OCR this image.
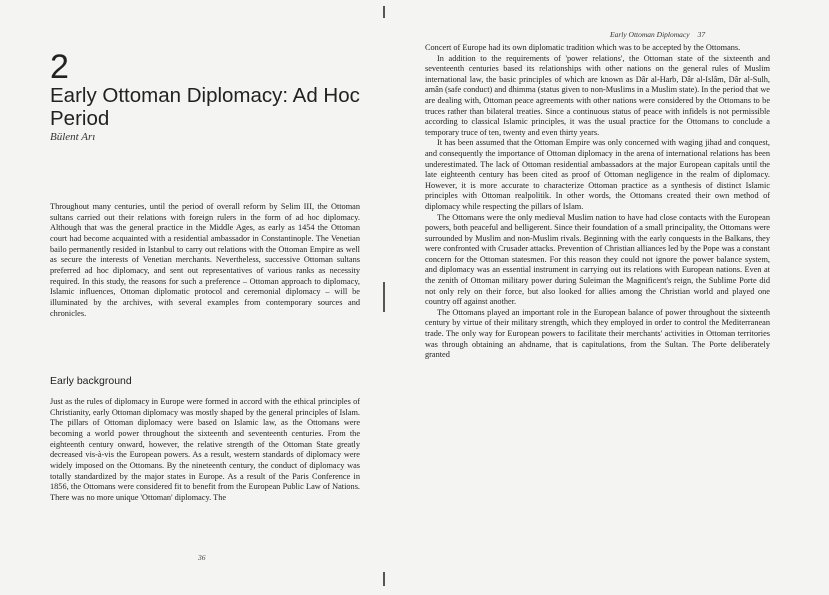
2
Early Ottoman Diplomacy: Ad Hoc Period
Bülent Arı

Throughout many centuries, until the period of overall reform by Selim III, the Ottoman sultans carried out their relations with foreign rulers in the form of ad hoc diplomacy. Although that was the general practice in the Middle Ages, as early as 1454 the Ottoman court had become acquainted with a residential ambassador in Constantinople. The Venetian bailo permanently resided in Istanbul to carry out relations with the Ottoman Empire as well as secure the interests of Venetian merchants. Nevertheless, successive Ottoman sultans preferred ad hoc diplomacy, and sent out representatives of various ranks as necessity required. In this study, the reasons for such a preference – Ottoman approach to diplomacy, Islamic influences, Ottoman diplomatic protocol and ceremonial diplomacy – will be illuminated by the archives, with several examples from contemporary sources and chronicles.

Early background

Just as the rules of diplomacy in Europe were formed in accord with the ethical principles of Christianity, early Ottoman diplomacy was mostly shaped by the general principles of Islam. The pillars of Ottoman diplomacy were based on Islamic law, as the Ottomans were becoming a world power throughout the sixteenth and seventeenth centuries. From the eighteenth century onward, however, the relative strength of the Ottoman State greatly decreased vis-à-vis the European powers. As a result, western standards of diplomacy were widely imposed on the Ottomans. By the nineteenth century, the conduct of diplomacy was totally standardized by the major states in Europe. As a result of the Paris Conference in 1856, the Ottomans were considered fit to benefit from the European Public Law of Nations. There was no more unique 'Ottoman' diplomacy. The

36
Early Ottoman Diplomacy 37

Concert of Europe had its own diplomatic tradition which was to be accepted by the Ottomans.

In addition to the requirements of 'power relations', the Ottoman state of the sixteenth and seventeenth centuries based its relationships with other nations on the general rules of Muslim international law, the basic principles of which are known as Dâr al-Harb, Dâr al-Islâm, Dâr al-Sulh, amân (safe conduct) and dhimma (status given to non-Muslims in a Muslim state). In the period that we are dealing with, Ottoman peace agreements with other nations were considered by the Ottomans to be truces rather than bilateral treaties. Since a continuous status of peace with infidels is not permissible according to classical Islamic principles, it was the usual practice for the Ottomans to conclude a temporary truce of ten, twenty and even thirty years.

It has been assumed that the Ottoman Empire was only concerned with waging jihad and conquest, and consequently the importance of Ottoman diplomacy in the arena of international relations has been underestimated. The lack of Ottoman residential ambassadors at the major European capitals until the late eighteenth century has been cited as proof of Ottoman negligence in the realm of diplomacy. However, it is more accurate to characterize Ottoman practice as a synthesis of distinct Islamic principles with Ottoman realpolitik. In other words, the Ottomans created their own method of diplomacy while respecting the pillars of Islam.

The Ottomans were the only medieval Muslim nation to have had close contacts with the European powers, both peaceful and belligerent. Since their foundation of a small principality, the Ottomans were surrounded by Muslim and non-Muslim rivals. Beginning with the early conquests in the Balkans, they were confronted with Crusader attacks. Prevention of Christian alliances led by the Pope was a constant concern for the Ottoman statesmen. For this reason they could not ignore the power balance system, and diplomacy was an essential instrument in carrying out its relations with European nations. Even at the zenith of Ottoman military power during Suleiman the Magnificent's reign, the Sublime Porte did not only rely on their force, but also looked for allies among the Christian world and played one country off against another.

The Ottomans played an important role in the European balance of power throughout the sixteenth century by virtue of their military strength, which they employed in order to control the Mediterranean trade. The only way for European powers to facilitate their merchants' activities in Ottoman territories was through obtaining an ahdname, that is capitulations, from the Sultan. The Porte deliberately granted
